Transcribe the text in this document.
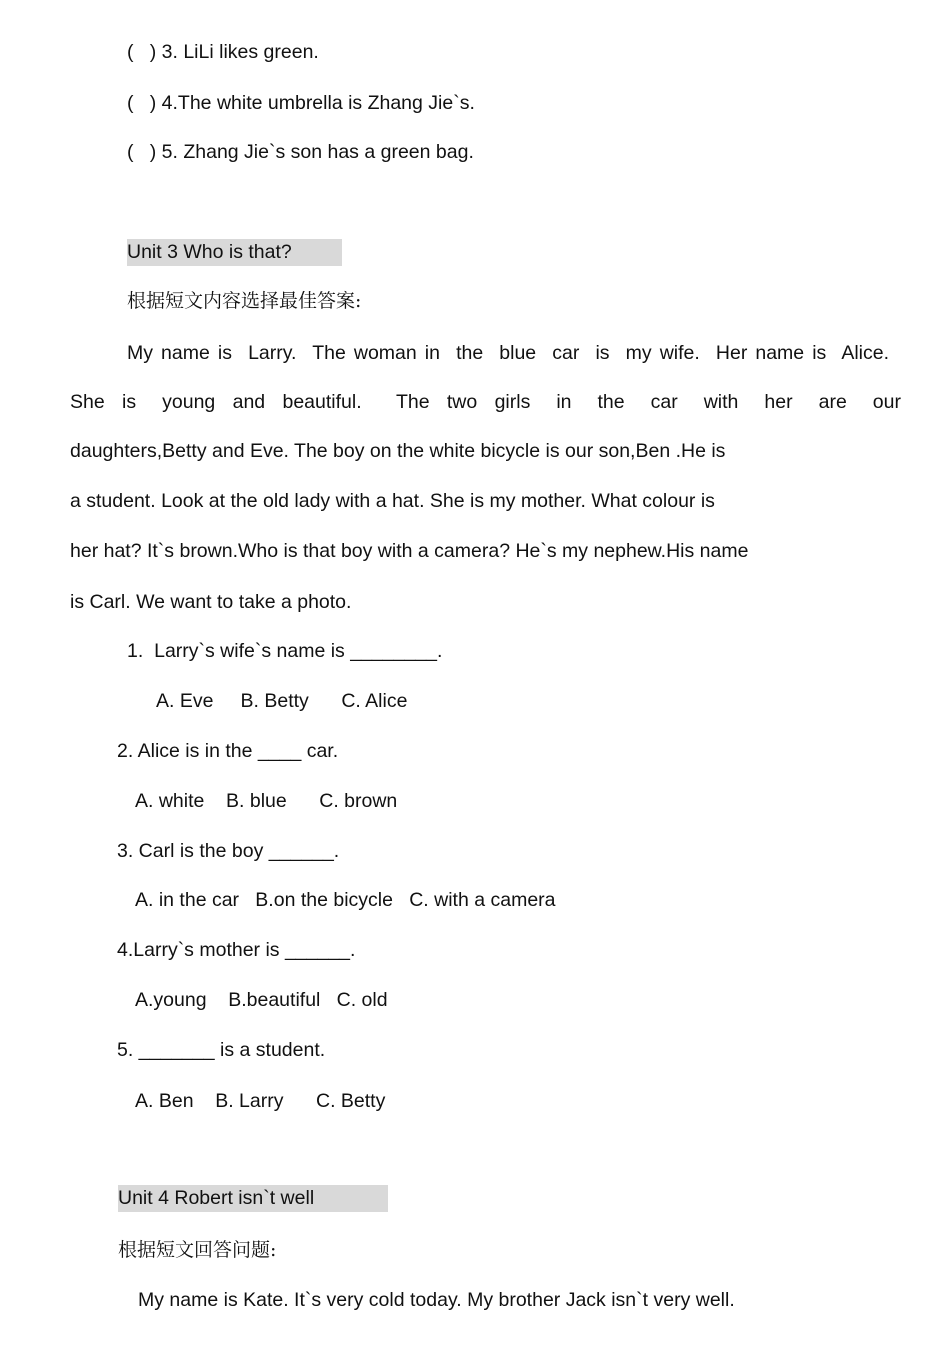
(   ) 3. LiLi likes green.
(   ) 4.The white umbrella is Zhang Jie`s.
(   ) 5. Zhang Jie`s son has a green bag.
Unit 3 Who is that?
根据短文内容选择最佳答案:
My name is  Larry.  The woman in  the  blue  car  is  my wife.  Her name is  Alice.
She  is   young  and  beautiful.    The  two  girls   in   the   car   with   her   are   our
daughters,Betty and Eve. The boy on the white bicycle is our son,Ben .He is
a student. Look at the old lady with a hat. She is my mother. What colour is
her hat? It`s brown.Who is that boy with a camera? He`s my nephew.His name
is Carl. We want to take a photo.
1.  Larry`s wife`s name is ________.
A. Eve     B. Betty      C. Alice
2. Alice is in the ____ car.
A. white    B. blue      C. brown
3. Carl is the boy ______.
A. in the car   B.on the bicycle   C. with a camera
4.Larry`s mother is ______.
A.young    B.beautiful   C. old
5. _______ is a student.
A. Ben    B. Larry      C. Betty
Unit 4 Robert isn`t well
根据短文回答问题:
My name is Kate. It`s very cold today. My brother Jack isn`t very well.
